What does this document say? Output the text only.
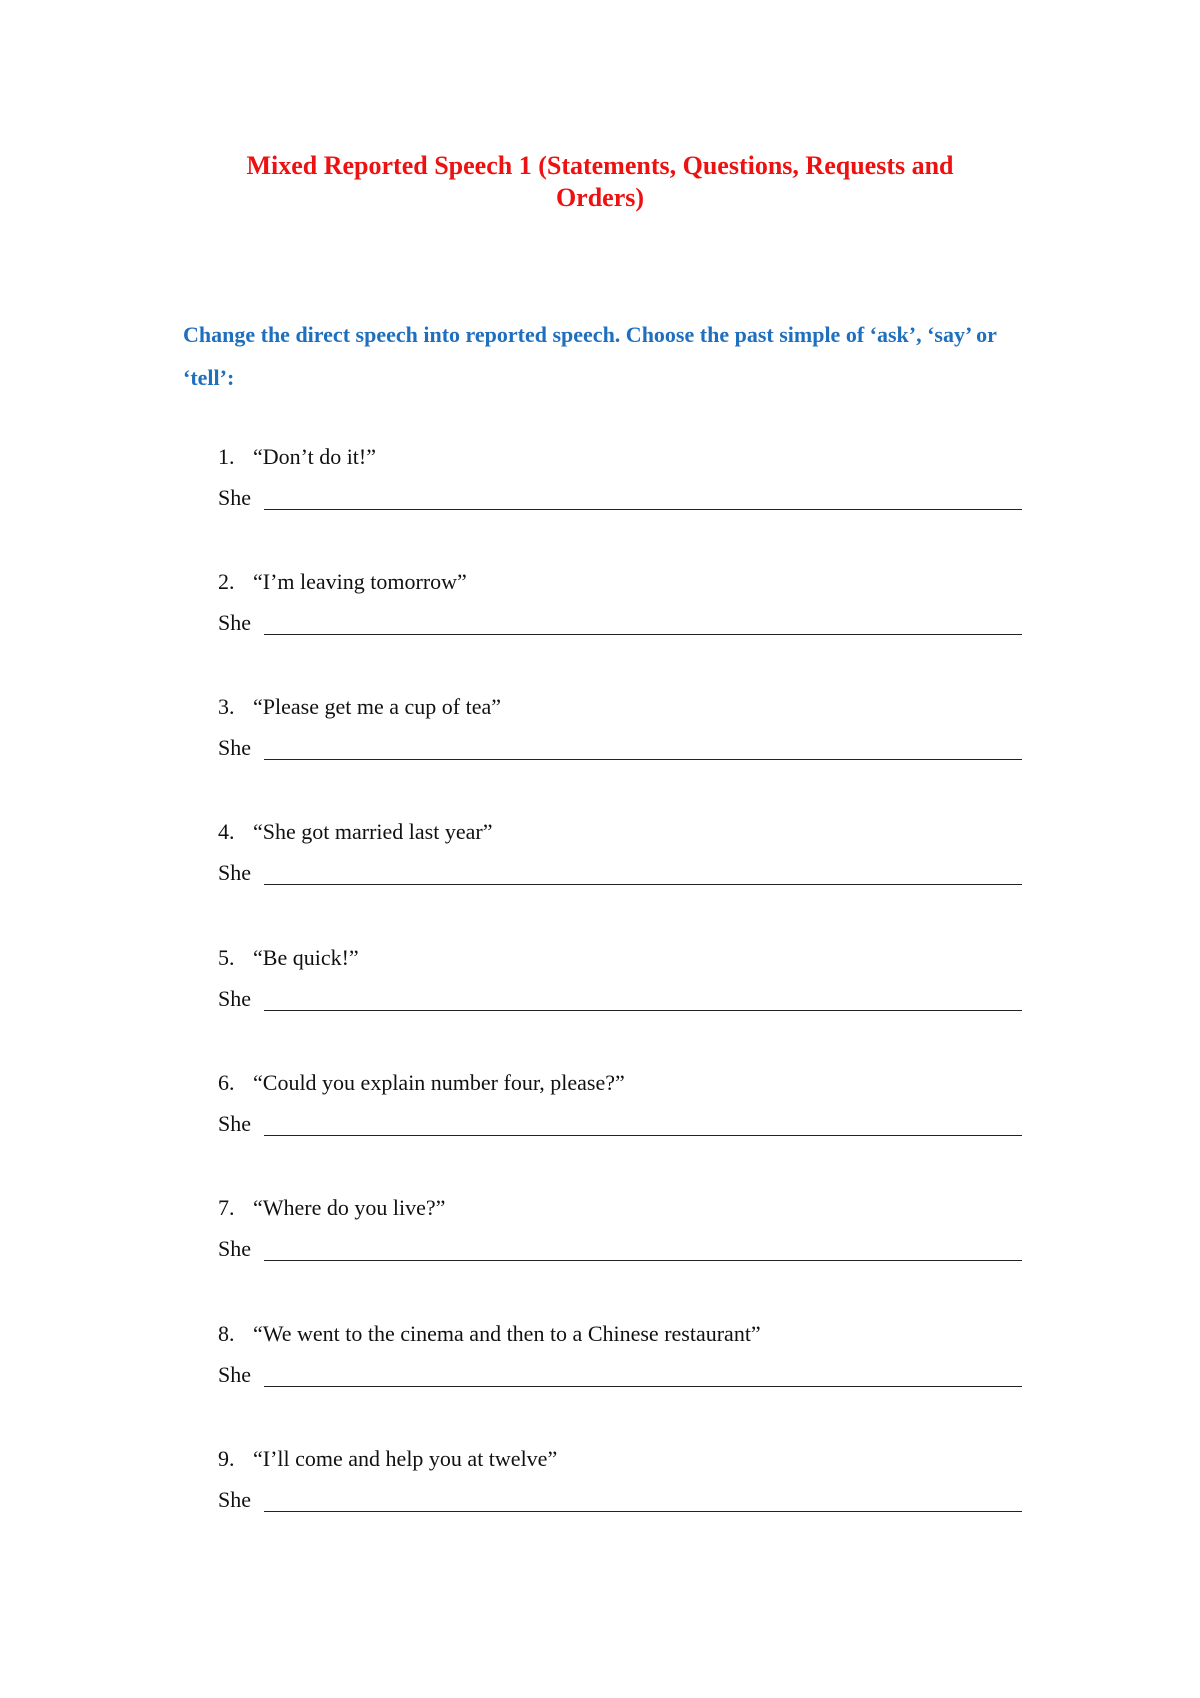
Mixed Reported Speech 1 (Statements, Questions, Requests and Orders)
Change the direct speech into reported speech. Choose the past simple of ‘ask’, ‘say’ or ‘tell’:
1. “Don’t do it!”
She
2. “I’m leaving tomorrow”
She
3. “Please get me a cup of tea”
She
4. “She got married last year”
She
5. “Be quick!”
She
6. “Could you explain number four, please?”
She
7. “Where do you live?”
She
8. “We went to the cinema and then to a Chinese restaurant”
She
9. “I’ll come and help you at twelve”
She
